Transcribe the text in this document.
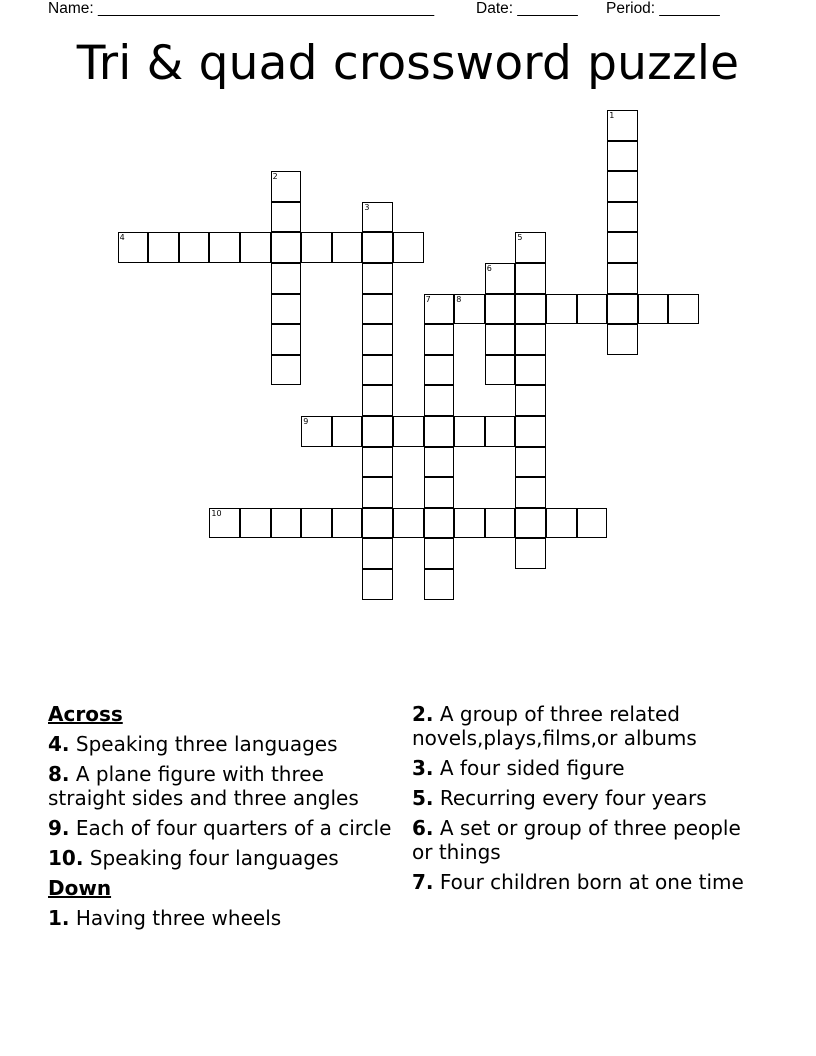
Name: _______________________________________	Date: _______ Period: _______
Tri & quad crossword puzzle
1
2
3
4	5
6
7	8
9
10
Across
4. Speaking three languages
8. A plane figure with three straight sides and three angles
9. Each of four quarters of a circle
10. Speaking four languages
Down
1. Having three wheels
2. A group of three related novels,plays,films,or albums
3. A four sided figure
5. Recurring every four years
6. A set or group of three people or things
7. Four children born at one time
